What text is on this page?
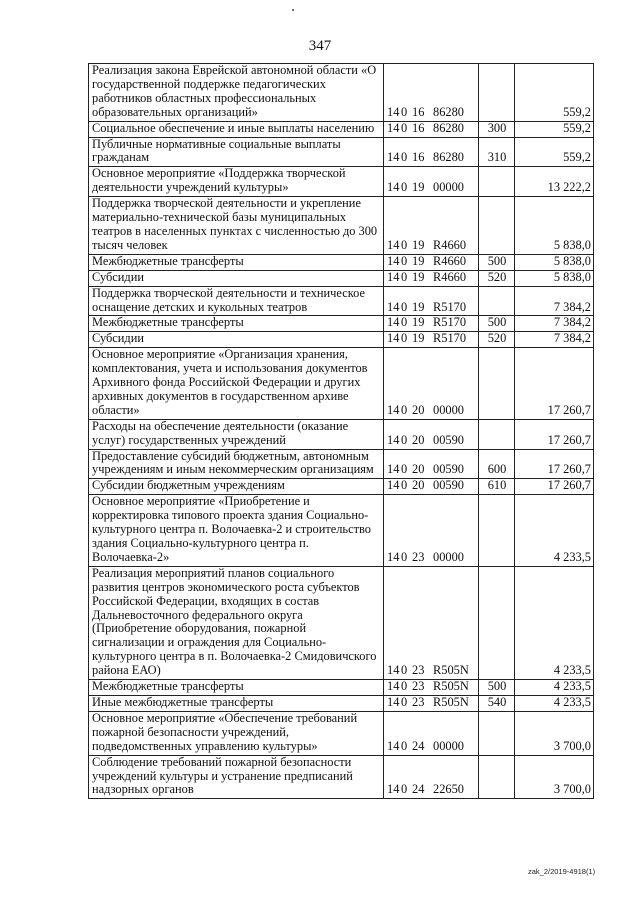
347
Реализация закона Еврейской автономной области «О государственной поддержке педагогических работников областных профессиональных образовательных организаций»	14 0 16 86280		559,2
Социальное обеспечение и иные выплаты населению	14 0 16 86280	300	559,2
Публичные нормативные социальные выплаты гражданам	14 0 16 86280	310	559,2
Основное мероприятие «Поддержка творческой деятельности учреждений культуры»	14 0 19 00000		13 222,2
Поддержка творческой деятельности и укрепление материально-технической базы муниципальных театров в населенных пунктах с численностью до 300 тысяч человек	14 0 19 R4660		5 838,0
Межбюджетные трансферты	14 0 19 R4660	500	5 838,0
Субсидии	14 0 19 R4660	520	5 838,0
Поддержка творческой деятельности и техническое оснащение детских и кукольных театров	14 0 19 R5170		7 384,2
Межбюджетные трансферты	14 0 19 R5170	500	7 384,2
Субсидии	14 0 19 R5170	520	7 384,2
Основное мероприятие «Организация хранения, комплектования, учета и использования документов Архивного фонда Российской Федерации и других архивных документов в государственном архиве области»	14 0 20 00000		17 260,7
Расходы на обеспечение деятельности (оказание услуг) государственных учреждений	14 0 20 00590		17 260,7
Предоставление субсидий бюджетным, автономным учреждениям и иным некоммерческим организациям	14 0 20 00590	600	17 260,7
Субсидии бюджетным учреждениям	14 0 20 00590	610	17 260,7
Основное мероприятие «Приобретение и корректировка типового проекта здания Социально-культурного центра п. Волочаевка-2 и строительство здания Социально-культурного центра п. Волочаевка-2»	14 0 23 00000		4 233,5
Реализация мероприятий планов социального развития центров экономического роста субъектов Российской Федерации, входящих в состав Дальневосточного федерального округа (Приобретение оборудования, пожарной сигнализации и ограждения для Социально-культурного центра в п. Волочаевка-2 Смидовичского района ЕАО)	14 0 23 R505N		4 233,5
Межбюджетные трансферты	14 0 23 R505N	500	4 233,5
Иные межбюджетные трансферты	14 0 23 R505N	540	4 233,5
Основное мероприятие «Обеспечение требований пожарной безопасности учреждений, подведомственных управлению культуры»	14 0 24 00000		3 700,0
Соблюдение требований пожарной безопасности учреждений культуры и устранение предписаний надзорных органов	14 0 24 22650		3 700,0
zak_2/2019-4918(1)
